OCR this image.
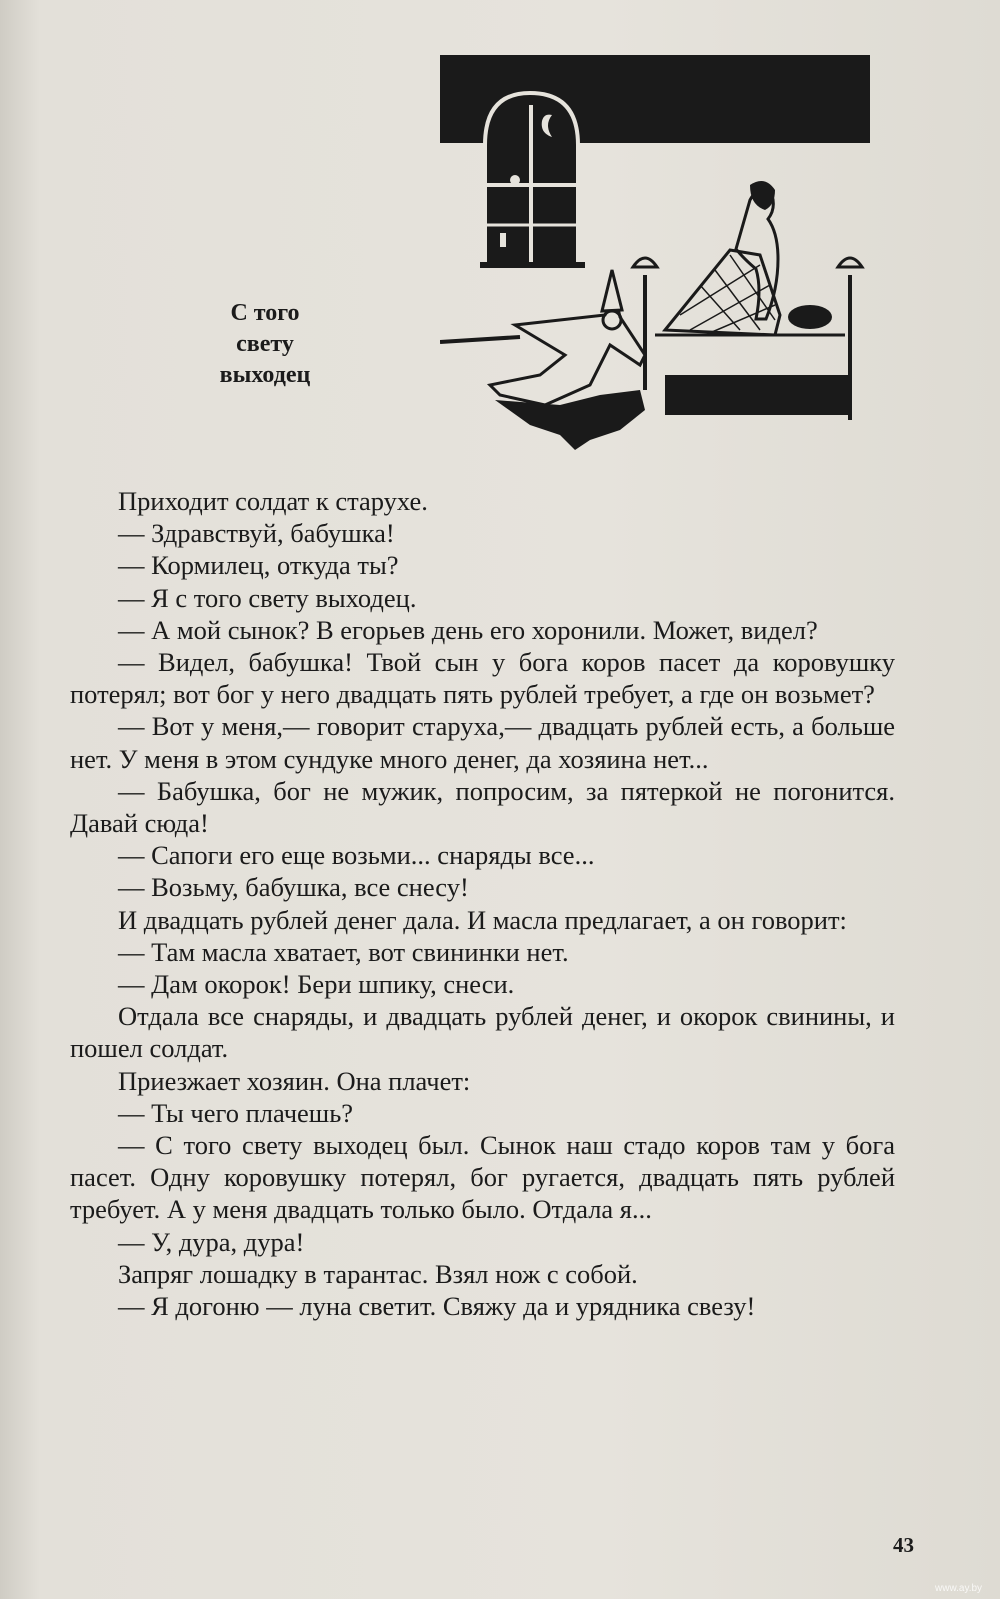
С того
свету
выходец

Приходит солдат к старухе.

— Здравствуй, бабушка!

— Кормилец, откуда ты?

— Я с того свету выходец.

— А мой сынок? В егорьев день его хоронили. Может, видел?

— Видел, бабушка! Твой сын у бога коров пасет да коровушку потерял; вот бог у него двадцать пять рублей требует, а где он возьмет?

— Вот у меня,— говорит старуха,— двадцать рублей есть, а больше нет. У меня в этом сундуке много денег, да хозяина нет...

— Бабушка, бог не мужик, попросим, за пятеркой не погонится. Давай сюда!

— Сапоги его еще возьми... снаряды все...

— Возьму, бабушка, все снесу!

И двадцать рублей денег дала. И масла предлагает, а он говорит:

— Там масла хватает, вот свининки нет.

— Дам окорок! Бери шпику, снеси.

Отдала все снаряды, и двадцать рублей денег, и окорок свинины, и пошел солдат.

Приезжает хозяин. Она плачет:

— Ты чего плачешь?

— С того свету выходец был. Сынок наш стадо коров там у бога пасет. Одну коровушку потерял, бог ругается, двадцать пять рублей требует. А у меня двадцать только было. Отдала я...

— У, дура, дура!

Запряг лошадку в тарантас. Взял нож с собой.

— Я догоню — луна светит. Свяжу да и урядника свезу!

43
www.ay.by
